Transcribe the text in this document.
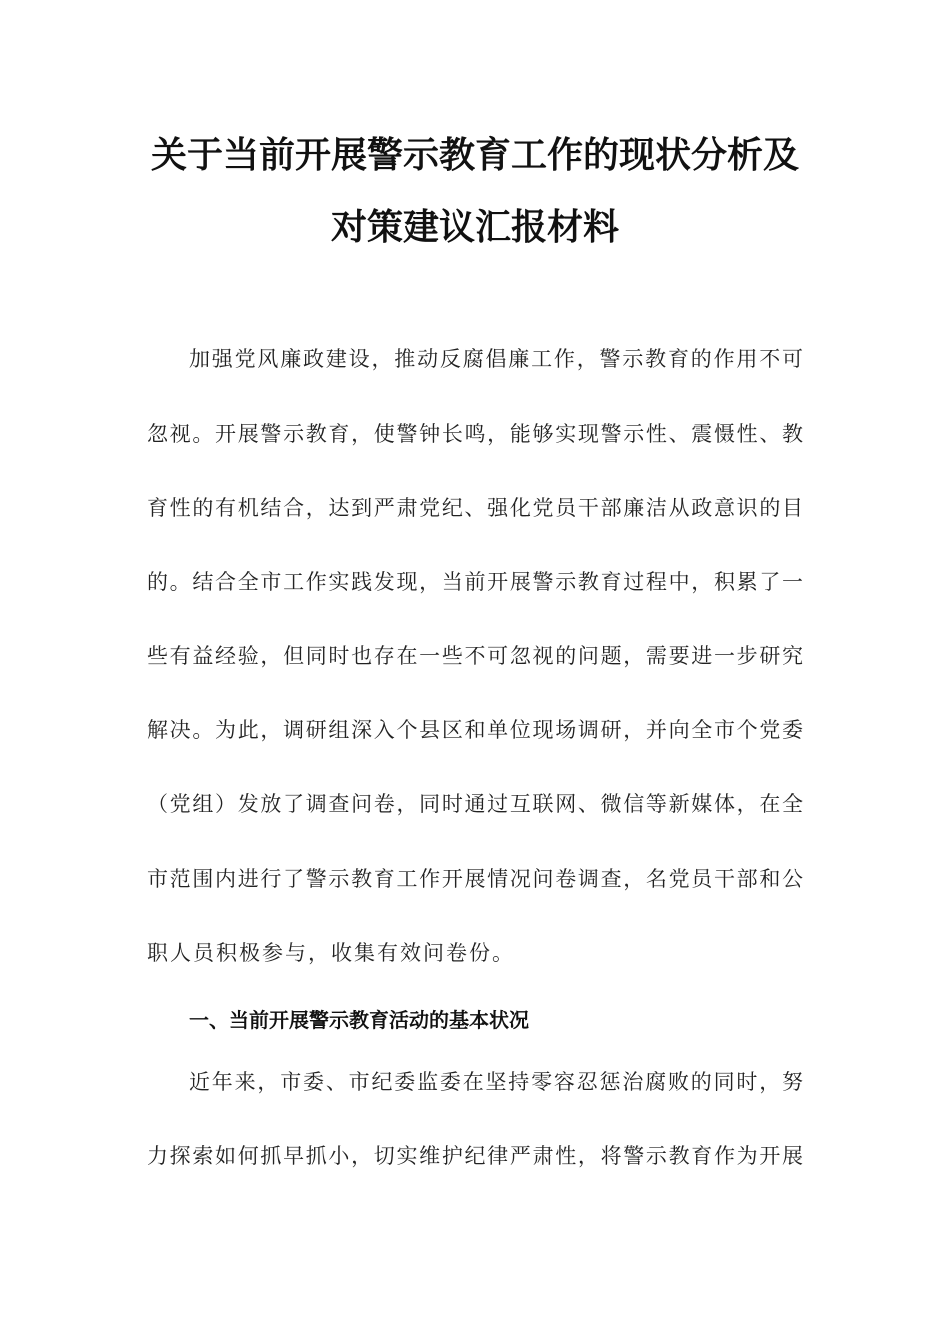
关于当前开展警示教育工作的现状分析及
对策建议汇报材料
加强党风廉政建设，推动反腐倡廉工作，警示教育的作用不可
忽视。开展警示教育，使警钟长鸣，能够实现警示性、震慑性、教
育性的有机结合，达到严肃党纪、强化党员干部廉洁从政意识的目
的。结合全市工作实践发现，当前开展警示教育过程中，积累了一
些有益经验，但同时也存在一些不可忽视的问题，需要进一步研究
解决。为此，调研组深入个县区和单位现场调研，并向全市个党委
（党组）发放了调查问卷，同时通过互联网、微信等新媒体，在全
市范围内进行了警示教育工作开展情况问卷调查，名党员干部和公
职人员积极参与，收集有效问卷份。
一、当前开展警示教育活动的基本状况
近年来，市委、市纪委监委在坚持零容忍惩治腐败的同时，努
力探索如何抓早抓小，切实维护纪律严肃性，将警示教育作为开展
